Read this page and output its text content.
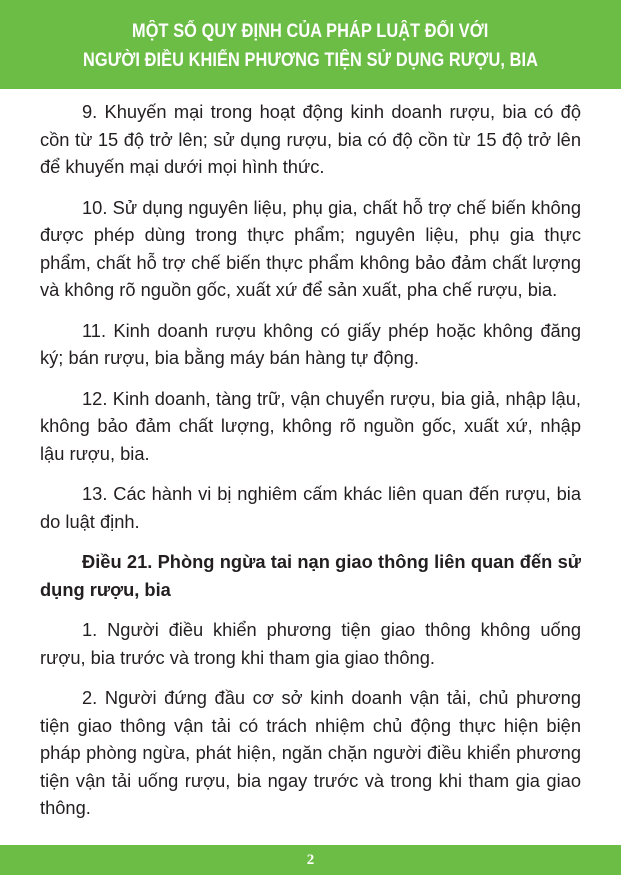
MỘT SỐ QUY ĐỊNH CỦA PHÁP LUẬT ĐỐI VỚI
NGƯỜI ĐIỀU KHIỂN PHƯƠNG TIỆN SỬ DỤNG RƯỢU, BIA

9. Khuyến mại trong hoạt động kinh doanh rượu, bia có độ cồn từ 15 độ trở lên; sử dụng rượu, bia có độ cồn từ 15 độ trở lên để khuyến mại dưới mọi hình thức.

10. Sử dụng nguyên liệu, phụ gia, chất hỗ trợ chế biến không được phép dùng trong thực phẩm; nguyên liệu, phụ gia thực phẩm, chất hỗ trợ chế biến thực phẩm không bảo đảm chất lượng và không rõ nguồn gốc, xuất xứ để sản xuất, pha chế rượu, bia.

11. Kinh doanh rượu không có giấy phép hoặc không đăng ký; bán rượu, bia bằng máy bán hàng tự động.

12. Kinh doanh, tàng trữ, vận chuyển rượu, bia giả, nhập lậu, không bảo đảm chất lượng, không rõ nguồn gốc, xuất xứ, nhập lậu rượu, bia.

13. Các hành vi bị nghiêm cấm khác liên quan đến rượu, bia do luật định.

Điều 21. Phòng ngừa tai nạn giao thông liên quan đến sử dụng rượu, bia

1. Người điều khiển phương tiện giao thông không uống rượu, bia trước và trong khi tham gia giao thông.

2. Người đứng đầu cơ sở kinh doanh vận tải, chủ phương tiện giao thông vận tải có trách nhiệm chủ động thực hiện biện pháp phòng ngừa, phát hiện, ngăn chặn người điều khiển phương tiện vận tải uống rượu, bia ngay trước và trong khi tham gia giao thông.

2
